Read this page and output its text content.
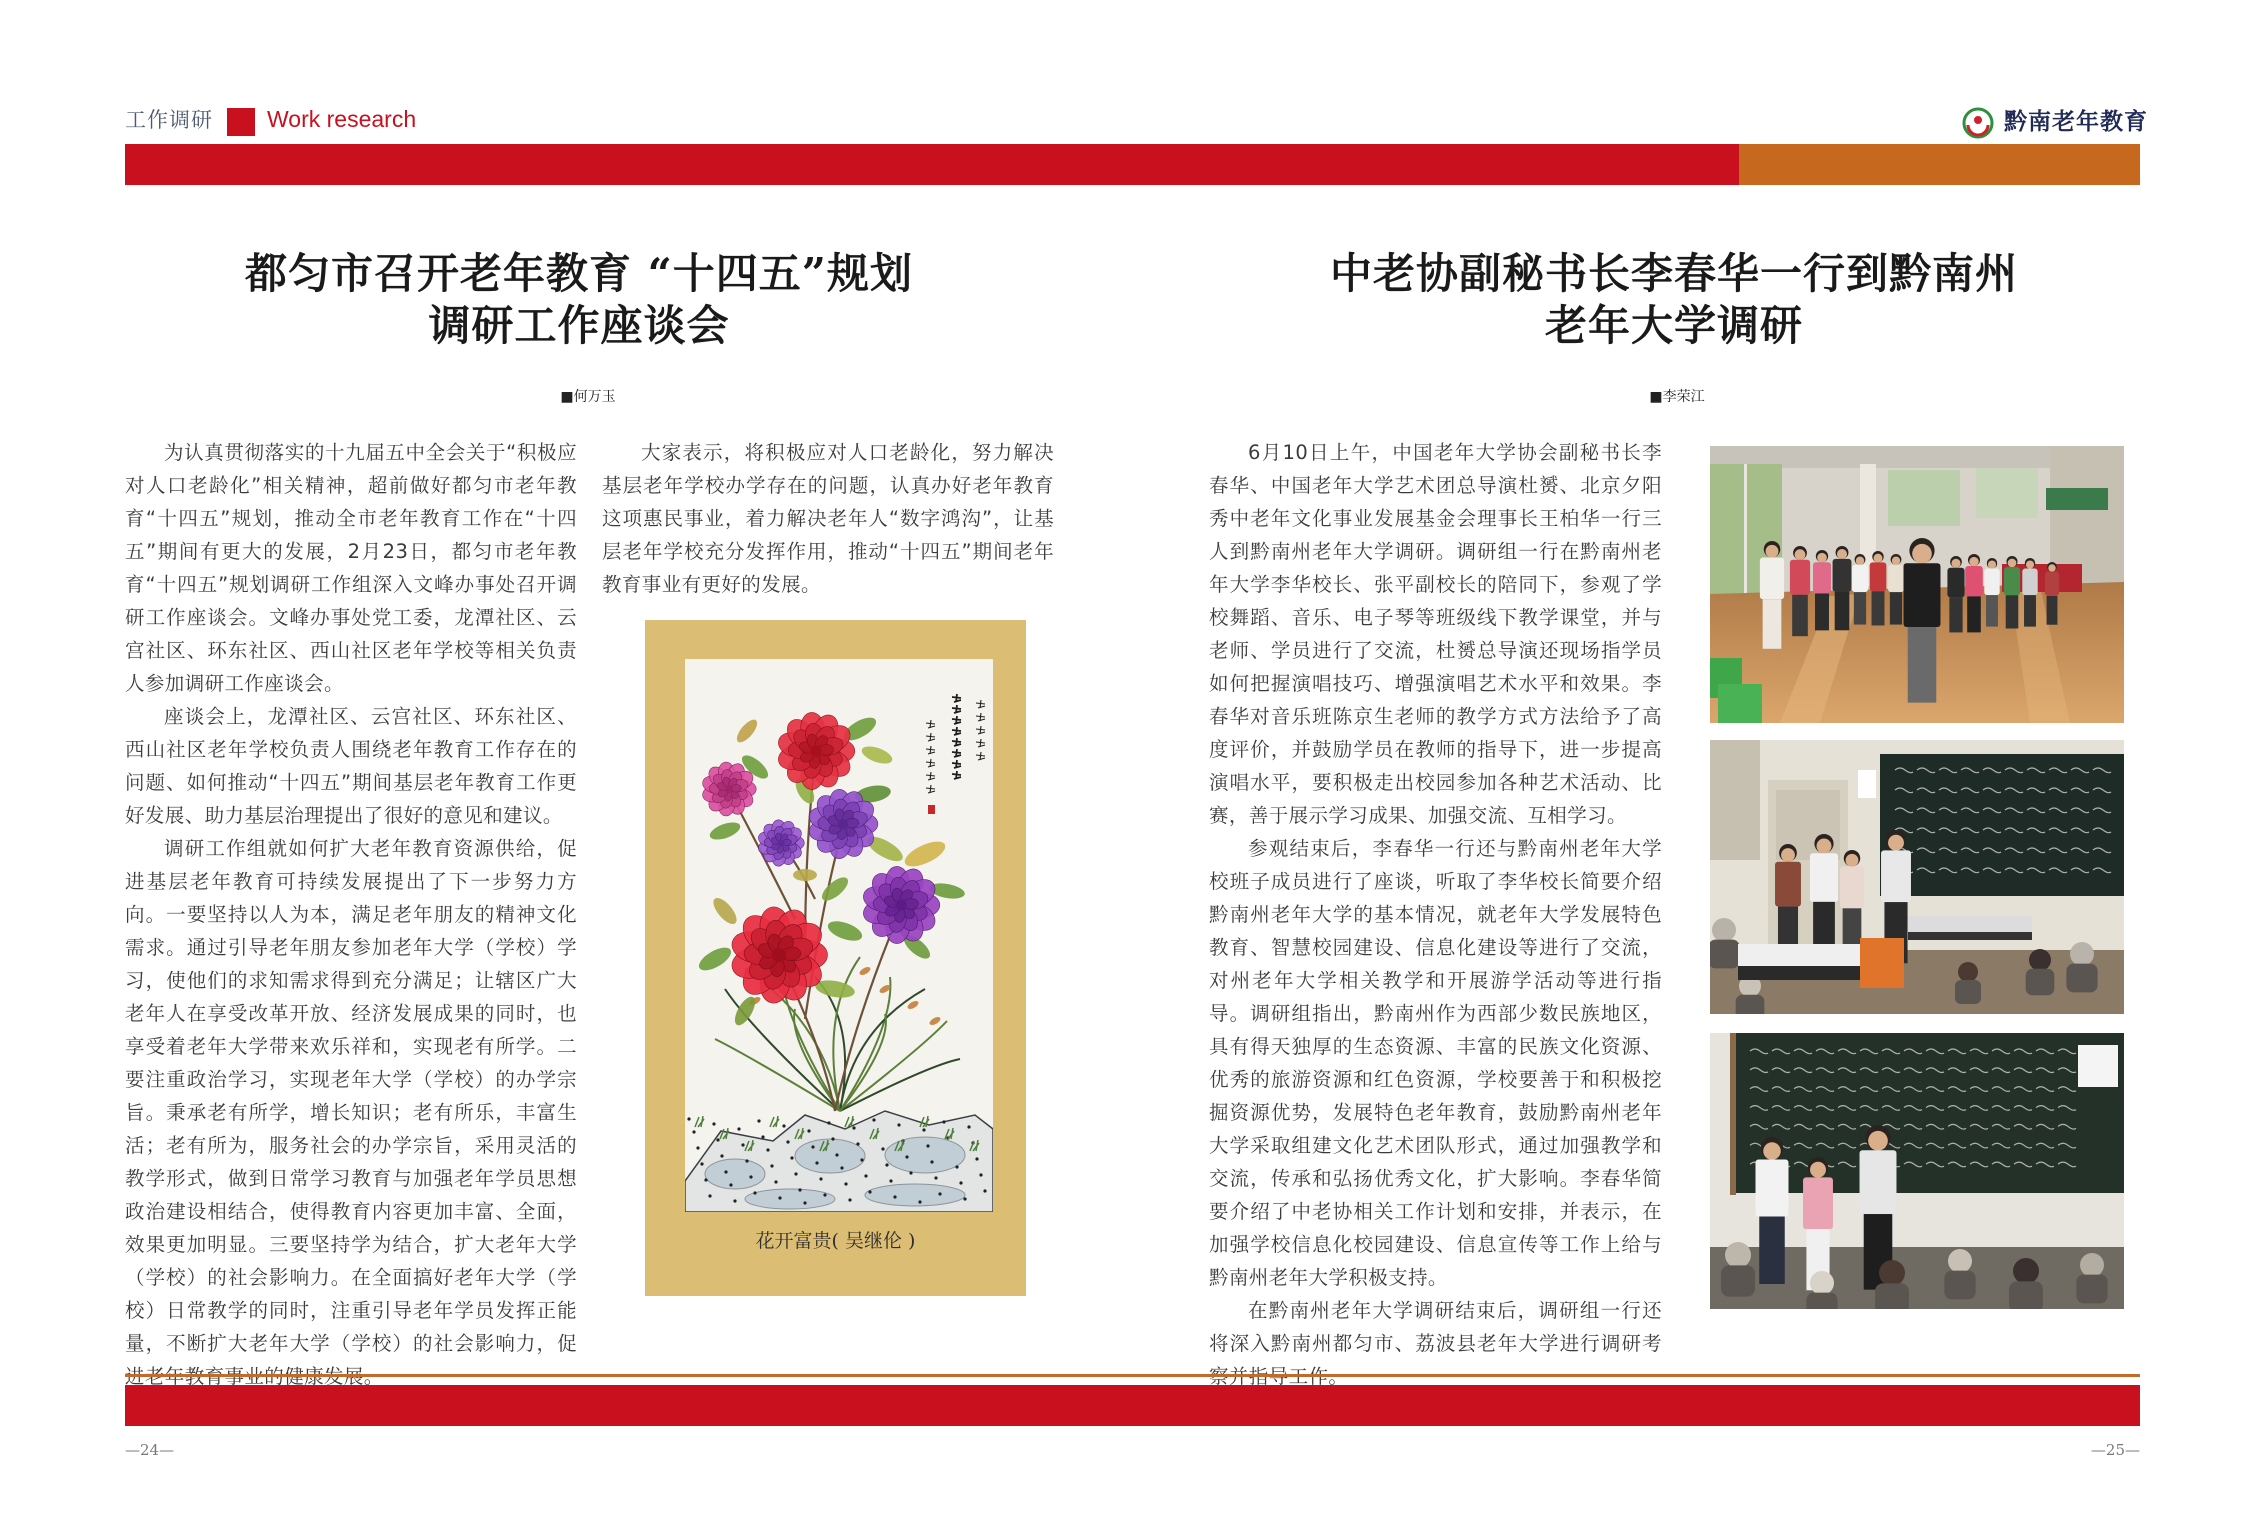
工作调研 Work research	黔南老年教育
都匀市召开老年教育 “十四五”规划
调研工作座谈会
■何万玉

为认真贯彻落实的十九届五中全会关于“积极应对人口老龄化”相关精神，超前做好都匀市老年教育“十四五”规划，推动全市老年教育工作在“十四五”期间有更大的发展，2月23日，都匀市老年教育“十四五”规划调研工作组深入文峰办事处召开调研工作座谈会。文峰办事处党工委，龙潭社区、云宫社区、环东社区、西山社区老年学校等相关负责人参加调研工作座谈会。

座谈会上，龙潭社区、云宫社区、环东社区、西山社区老年学校负责人围绕老年教育工作存在的问题、如何推动“十四五”期间基层老年教育工作更好发展、助力基层治理提出了很好的意见和建议。

调研工作组就如何扩大老年教育资源供给，促进基层老年教育可持续发展提出了下一步努力方向。一要坚持以人为本，满足老年朋友的精神文化需求。通过引导老年朋友参加老年大学（学校）学习，使他们的求知需求得到充分满足；让辖区广大老年人在享受改革开放、经济发展成果的同时，也享受着老年大学带来欢乐祥和，实现老有所学。二要注重政治学习，实现老年大学（学校）的办学宗旨。秉承老有所学，增长知识；老有所乐，丰富生活；老有所为，服务社会的办学宗旨，采用灵活的教学形式，做到日常学习教育与加强老年学员思想政治建设相结合，使得教育内容更加丰富、全面，效果更加明显。三要坚持学为结合，扩大老年大学（学校）的社会影响力。在全面搞好老年大学（学校）日常教学的同时，注重引导老年学员发挥正能量，不断扩大老年大学（学校）的社会影响力，促

大家表示，将积极应对人口老龄化，努力解决基层老年学校办学存在的问题，认真办好老年教育这项惠民事业，着力解决老年人“数字鸿沟”，让基层老年学校充分发挥作用，推动“十四五”期间老年教育事业有更好的发展。

花开富贵( 吴继伦 )
中老协副秘书长李春华一行到黔南州
老年大学调研
■李荣江

6月10日上午，中国老年大学协会副秘书长李春华、中国老年大学艺术团总导演杜赟、北京夕阳秀中老年文化事业发展基金会理事长王柏华一行三人到黔南州老年大学调研。调研组一行在黔南州老年大学李华校长、张平副校长的陪同下，参观了学校舞蹈、音乐、电子琴等班级线下教学课堂，并与老师、学员进行了交流，杜赟总导演还现场指学员如何把握演唱技巧、增强演唱艺术水平和效果。李春华对音乐班陈京生老师的教学方式方法给予了高度评价，并鼓励学员在教师的指导下，进一步提高演唱水平，要积极走出校园参加各种艺术活动、比赛，善于展示学习成果、加强交流、互相学习。

参观结束后，李春华一行还与黔南州老年大学校班子成员进行了座谈，听取了李华校长简要介绍黔南州老年大学的基本情况，就老年大学发展特色教育、智慧校园建设、信息化建设等进行了交流，对州老年大学相关教学和开展游学活动等进行指导。调研组指出，黔南州作为西部少数民族地区，具有得天独厚的生态资源、丰富的民族文化资源、优秀的旅游资源和红色资源，学校要善于和积极挖掘资源优势，发展特色老年教育，鼓励黔南州老年大学采取组建文化艺术团队形式，通过加强教学和交流，传承和弘扬优秀文化，扩大影响。李春华简要介绍了中老协相关工作计划和安排，并表示，在加强学校信息化校园建设、信息宣传等工作上给与黔南州老年大学积极支持。

在黔南州老年大学调研结束后，调研组一行还将深入黔南州都匀市、荔波县老年大学进行调研考

—24—	—25—
